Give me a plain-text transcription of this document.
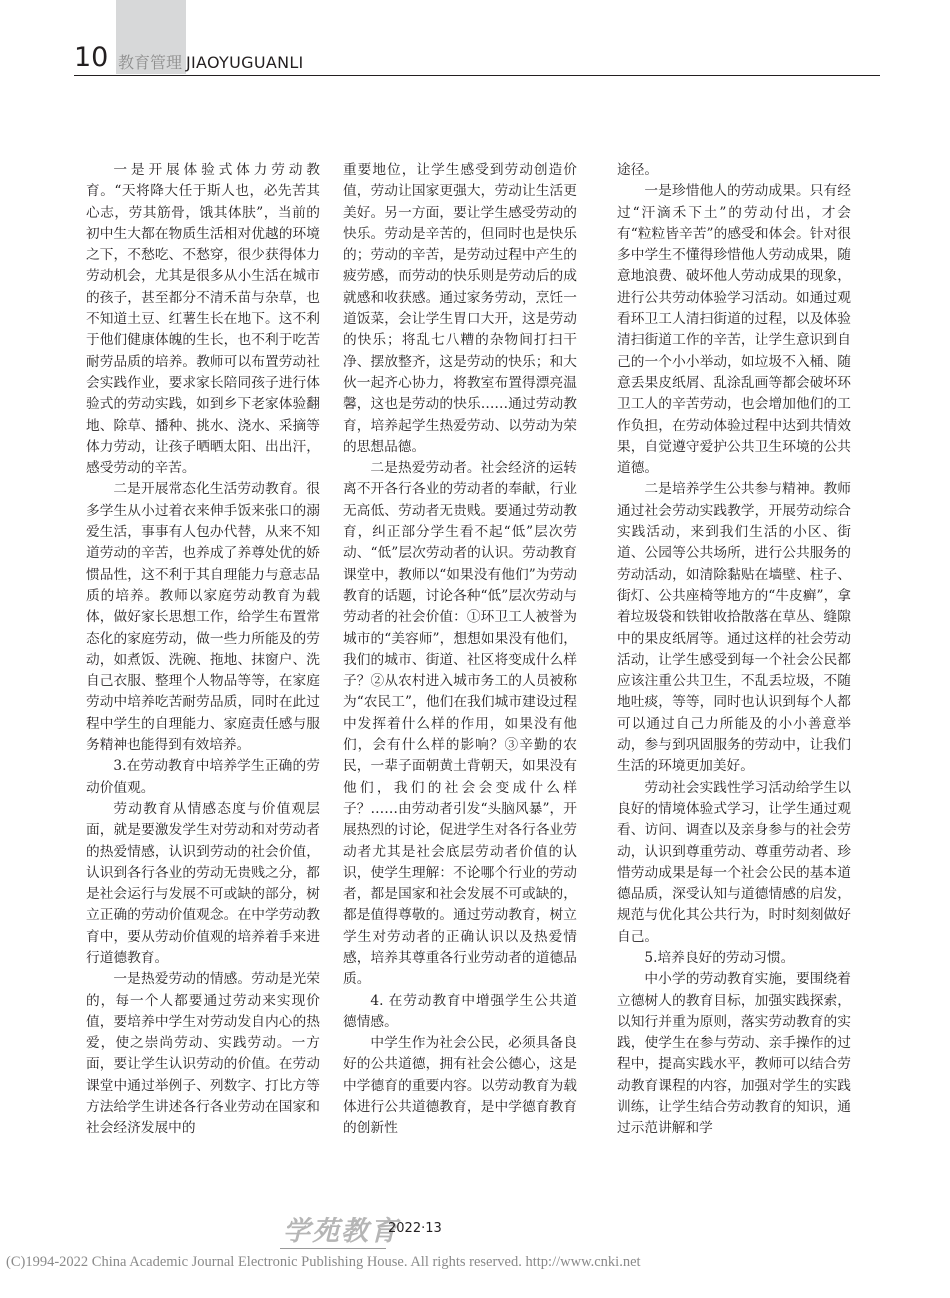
10 教育管理 JIAOYUGUANLI

一是开展体验式体力劳动教育。“天将降大任于斯人也，必先苦其心志，劳其筋骨，饿其体肤”，当前的初中生大都在物质生活相对优越的环境之下，不愁吃、不愁穿，很少获得体力劳动机会，尤其是很多从小生活在城市的孩子，甚至都分不清禾苗与杂草，也不知道土豆、红薯生长在地下。这不利于他们健康体魄的生长，也不利于吃苦耐劳品质的培养。教师可以布置劳动社会实践作业，要求家长陪同孩子进行体验式的劳动实践，如到乡下老家体验翻地、除草、播种、挑水、浇水、采摘等体力劳动，让孩子晒晒太阳、出出汗，感受劳动的辛苦。

二是开展常态化生活劳动教育。很多学生从小过着衣来伸手饭来张口的溺爱生活，事事有人包办代替，从来不知道劳动的辛苦，也养成了养尊处优的娇惯品性，这不利于其自理能力与意志品质的培养。教师以家庭劳动教育为载体，做好家长思想工作，给学生布置常态化的家庭劳动，做一些力所能及的劳动，如煮饭、洗碗、拖地、抹窗户、洗自己衣服、整理个人物品等等，在家庭劳动中培养吃苦耐劳品质，同时在此过程中学生的自理能力、家庭责任感与服务精神也能得到有效培养。

3.在劳动教育中培养学生正确的劳动价值观。

劳动教育从情感态度与价值观层面，就是要激发学生对劳动和对劳动者的热爱情感，认识到劳动的社会价值，认识到各行各业的劳动无贵贱之分，都是社会运行与发展不可或缺的部分，树立正确的劳动价值观念。在中学劳动教育中，要从劳动价值观的培养着手来进行道德教育。

一是热爱劳动的情感。劳动是光荣的，每一个人都要通过劳动来实现价值，要培养中学生对劳动发自内心的热爱，使之崇尚劳动、实践劳动。一方面，要让学生认识劳动的价值。在劳动课堂中通过举例子、列数字、打比方等方法给学生讲述各行各业劳动在国家和社会经济发展中的

重要地位，让学生感受到劳动创造价值，劳动让国家更强大，劳动让生活更美好。另一方面，要让学生感受劳动的快乐。劳动是辛苦的，但同时也是快乐的；劳动的辛苦，是劳动过程中产生的疲劳感，而劳动的快乐则是劳动后的成就感和收获感。通过家务劳动，烹饪一道饭菜，会让学生胃口大开，这是劳动的快乐；将乱七八糟的杂物间打扫干净、摆放整齐，这是劳动的快乐；和大伙一起齐心协力，将教室布置得漂亮温馨，这也是劳动的快乐……通过劳动教育，培养起学生热爱劳动、以劳动为荣的思想品德。

二是热爱劳动者。社会经济的运转离不开各行各业的劳动者的奉献，行业无高低、劳动者无贵贱。要通过劳动教育，纠正部分学生看不起“低”层次劳动、“低”层次劳动者的认识。劳动教育课堂中，教师以“如果没有他们”为劳动教育的话题，讨论各种“低”层次劳动与劳动者的社会价值：①环卫工人被誉为城市的“美容师”，想想如果没有他们，我们的城市、街道、社区将变成什么样子？②从农村进入城市务工的人员被称为“农民工”，他们在我们城市建设过程中发挥着什么样的作用，如果没有他们，会有什么样的影响？③辛勤的农民，一辈子面朝黄土背朝天，如果没有他们，我们的社会会变成什么样子？……由劳动者引发“头脑风暴”，开展热烈的讨论，促进学生对各行各业劳动者尤其是社会底层劳动者价值的认识，使学生理解：不论哪个行业的劳动者，都是国家和社会发展不可或缺的，都是值得尊敬的。通过劳动教育，树立学生对劳动者的正确认识以及热爱情感，培养其尊重各行业劳动者的道德品质。

4. 在劳动教育中增强学生公共道德情感。

中学生作为社会公民，必须具备良好的公共道德，拥有社会公德心，这是中学德育的重要内容。以劳动教育为载体进行公共道德教育，是中学德育教育的创新性

途径。

一是珍惜他人的劳动成果。只有经过“汗滴禾下土”的劳动付出，才会有“粒粒皆辛苦”的感受和体会。针对很多中学生不懂得珍惜他人劳动成果，随意地浪费、破坏他人劳动成果的现象，进行公共劳动体验学习活动。如通过观看环卫工人清扫街道的过程，以及体验清扫街道工作的辛苦，让学生意识到自己的一个小小举动，如垃圾不入桶、随意丢果皮纸屑、乱涂乱画等都会破坏环卫工人的辛苦劳动，也会增加他们的工作负担，在劳动体验过程中达到共情效果，自觉遵守爱护公共卫生环境的公共道德。

二是培养学生公共参与精神。教师通过社会劳动实践教学，开展劳动综合实践活动，来到我们生活的小区、街道、公园等公共场所，进行公共服务的劳动活动，如清除黏贴在墙壁、柱子、街灯、公共座椅等地方的“牛皮癣”，拿着垃圾袋和铁钳收拾散落在草丛、缝隙中的果皮纸屑等。通过这样的社会劳动活动，让学生感受到每一个社会公民都应该注重公共卫生，不乱丢垃圾，不随地吐痰，等等，同时也认识到每个人都可以通过自己力所能及的小小善意举动，参与到巩固服务的劳动中，让我们生活的环境更加美好。

劳动社会实践性学习活动给学生以良好的情境体验式学习，让学生通过观看、访问、调查以及亲身参与的社会劳动，认识到尊重劳动、尊重劳动者、珍惜劳动成果是每一个社会公民的基本道德品质，深受认知与道德情感的启发，规范与优化其公共行为，时时刻刻做好自己。

5.培养良好的劳动习惯。

中小学的劳动教育实施，要围绕着立德树人的教育目标，加强实践探索，以知行并重为原则，落实劳动教育的实践，使学生在参与劳动、亲手操作的过程中，提高实践水平，教师可以结合劳动教育课程的内容，加强对学生的实践训练，让学生结合劳动教育的知识，通过示范讲解和学

学苑教育
2022·13
(C)1994-2022 China Academic Journal Electronic Publishing House. All rights reserved. http://www.cnki.net
